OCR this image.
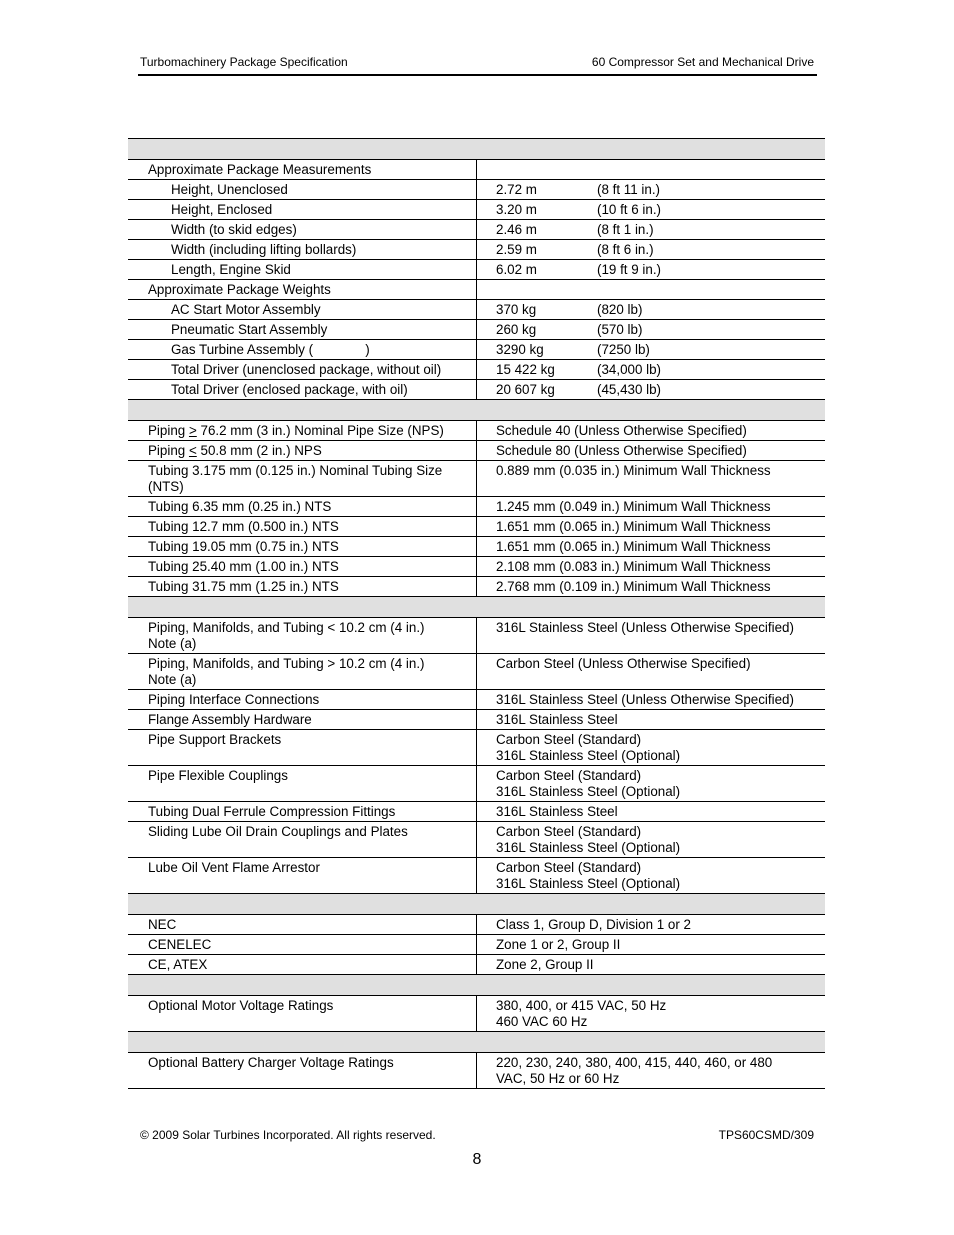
Turbomachinery Package Specification	60 Compressor Set and Mechanical Drive

Approximate Package Measurements	
Height, Unenclosed	2.72 m (8 ft 11 in.)
Height, Enclosed	3.20 m (10 ft 6 in.)
Width (to skid edges)	2.46 m (8 ft 1 in.)
Width (including lifting bollards)	2.59 m (8 ft 6 in.)
Length, Engine Skid	6.02 m (19 ft 9 in.)
Approximate Package Weights	
AC Start Motor Assembly	370 kg (820 lb)
Pneumatic Start Assembly	260 kg (570 lb)
Gas Turbine Assembly (              )	3290 kg (7250 lb)
Total Driver (unenclosed package, without oil)	15 422 kg (34,000 lb)
Total Driver (enclosed package, with oil)	20 607 kg (45,430 lb)

Piping > 76.2 mm (3 in.) Nominal Pipe Size (NPS)	Schedule 40 (Unless Otherwise Specified)
Piping < 50.8 mm (2 in.) NPS	Schedule 80 (Unless Otherwise Specified)
Tubing 3.175 mm (0.125 in.) Nominal Tubing Size (NTS)	0.889 mm (0.035 in.) Minimum Wall Thickness
Tubing 6.35 mm (0.25 in.) NTS	1.245 mm (0.049 in.) Minimum Wall Thickness
Tubing 12.7 mm (0.500 in.) NTS	1.651 mm (0.065 in.) Minimum Wall Thickness
Tubing 19.05 mm (0.75 in.) NTS	1.651 mm (0.065 in.) Minimum Wall Thickness
Tubing 25.40 mm (1.00 in.) NTS	2.108 mm (0.083 in.) Minimum Wall Thickness
Tubing 31.75 mm (1.25 in.) NTS	2.768 mm (0.109 in.) Minimum Wall Thickness

Piping, Manifolds, and Tubing < 10.2 cm (4 in.)
Note (a)	316L Stainless Steel (Unless Otherwise Specified)

Piping, Manifolds, and Tubing > 10.2 cm (4 in.)
Note (a)	Carbon Steel (Unless Otherwise Specified)
Piping Interface Connections	316L Stainless Steel (Unless Otherwise Specified)
Flange Assembly Hardware	316L Stainless Steel
Pipe Support Brackets	Carbon Steel (Standard)
316L Stainless Steel (Optional)

Pipe Flexible Couplings	Carbon Steel (Standard)
316L Stainless Steel (Optional)

Tubing Dual Ferrule Compression Fittings	316L Stainless Steel
Sliding Lube Oil Drain Couplings and Plates	Carbon Steel (Standard)
316L Stainless Steel (Optional)

Lube Oil Vent Flame Arrestor	Carbon Steel (Standard)
316L Stainless Steel (Optional)

NEC	Class 1, Group D, Division 1 or 2
CENELEC	Zone 1 or 2, Group II
CE, ATEX	Zone 2, Group II

Optional Motor Voltage Ratings	380, 400, or 415 VAC, 50 Hz
460 VAC 60 Hz

Optional Battery Charger Voltage Ratings	220, 230, 240, 380, 400, 415, 440, 460, or 480
VAC, 50 Hz or 60 Hz
© 2009 Solar Turbines Incorporated. All rights reserved.	TPS60CSMD/309
8
